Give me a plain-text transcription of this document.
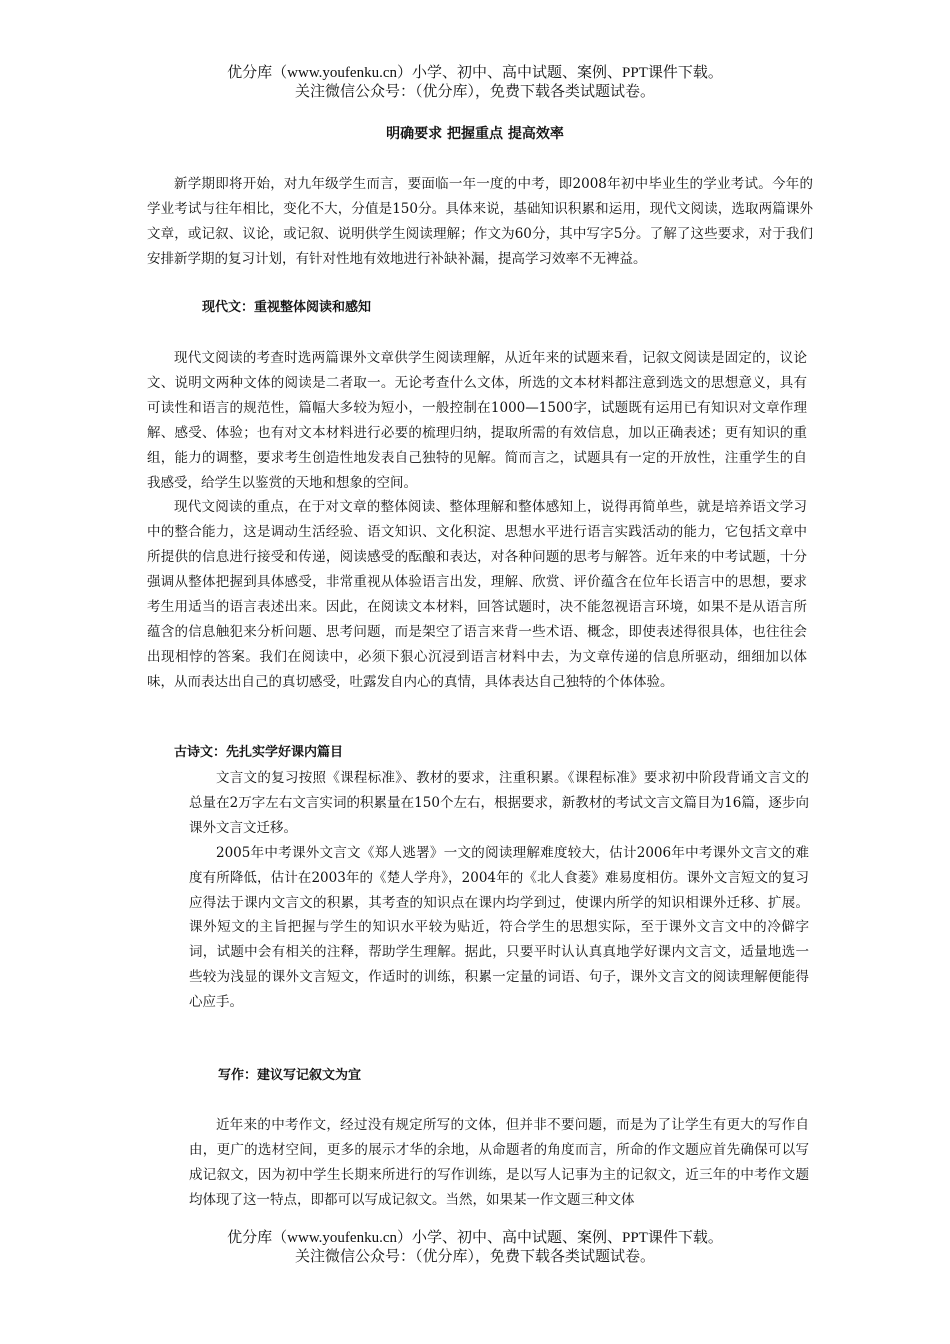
优分库（www.youfenku.cn）小学、初中、高中试题、案例、PPT课件下载。
关注微信公众号：（优分库），免费下载各类试题试卷。
明确要求 把握重点 提高效率

新学期即将开始，对九年级学生而言，要面临一年一度的中考，即2008年初中毕业生的学业考试。今年的学业考试与往年相比，变化不大，分值是150分。具体来说，基础知识积累和运用，现代文阅读，选取两篇课外文章，或记叙、议论，或记叙、说明供学生阅读理解；作文为60分，其中写字5分。了解了这些要求，对于我们安排新学期的复习计划，有针对性地有效地进行补缺补漏，提高学习效率不无裨益。

现代文：重视整体阅读和感知

现代文阅读的考查时选两篇课外文章供学生阅读理解，从近年来的试题来看，记叙文阅读是固定的，议论文、说明文两种文体的阅读是二者取一。无论考查什么文体，所选的文本材料都注意到选文的思想意义，具有可读性和语言的规范性，篇幅大多较为短小，一般控制在1000—1500字，试题既有运用已有知识对文章作理解、感受、体验；也有对文本材料进行必要的梳理归纳，提取所需的有效信息，加以正确表述；更有知识的重组，能力的调整，要求考生创造性地发表自己独特的见解。简而言之，试题具有一定的开放性，注重学生的自我感受，给学生以鉴赏的天地和想象的空间。

现代文阅读的重点，在于对文章的整体阅读、整体理解和整体感知上，说得再简单些，就是培养语文学习中的整合能力，这是调动生活经验、语文知识、文化积淀、思想水平进行语言实践活动的能力，它包括文章中所提供的信息进行接受和传递，阅读感受的酝酿和表达，对各种问题的思考与解答。近年来的中考试题，十分强调从整体把握到具体感受，非常重视从体验语言出发，理解、欣赏、评价蕴含在位年长语言中的思想，要求考生用适当的语言表述出来。因此，在阅读文本材料，回答试题时，决不能忽视语言环境，如果不是从语言所蕴含的信息触犯来分析问题、思考问题，而是架空了语言来背一些术语、概念，即使表述得很具体，也往往会出现相悖的答案。我们在阅读中，必须下狠心沉浸到语言材料中去，为文章传递的信息所驱动，细细加以体味，从而表达出自己的真切感受，吐露发自内心的真情，具体表达自己独特的个体体验。

古诗文：先扎实学好课内篇目

文言文的复习按照《课程标准》、教材的要求，注重积累。《课程标准》要求初中阶段背诵文言文的总量在2万字左右文言实词的积累量在150个左右，根据要求，新教材的考试文言文篇目为16篇，逐步向课外文言文迁移。

2005年中考课外文言文《郑人逃署》一文的阅读理解难度较大，估计2006年中考课外文言文的难度有所降低，估计在2003年的《楚人学舟》，2004年的《北人食菱》难易度相仿。课外文言短文的复习应得法于课内文言文的积累，其考查的知识点在课内均学到过，使课内所学的知识相课外迁移、扩展。课外短文的主旨把握与学生的知识水平较为贴近，符合学生的思想实际，至于课外文言文中的冷僻字词，试题中会有相关的注释，帮助学生理解。据此，只要平时认认真真地学好课内文言文，适量地选一些较为浅显的课外文言短文，作适时的训练，积累一定量的词语、句子，课外文言文的阅读理解便能得心应手。

写作：建议写记叙文为宜

近年来的中考作文，经过没有规定所写的文体，但并非不要问题，而是为了让学生有更大的写作自由，更广的选材空间，更多的展示才华的余地，从命题者的角度而言，所命的作文题应首先确保可以写成记叙文，因为初中学生长期来所进行的写作训练，是以写人记事为主的记叙文，近三年的中考作文题均体现了这一特点，即都可以写成记叙文。当然，如果某一作文题三种文体

优分库（www.youfenku.cn）小学、初中、高中试题、案例、PPT课件下载。
关注微信公众号：（优分库），免费下载各类试题试卷。
